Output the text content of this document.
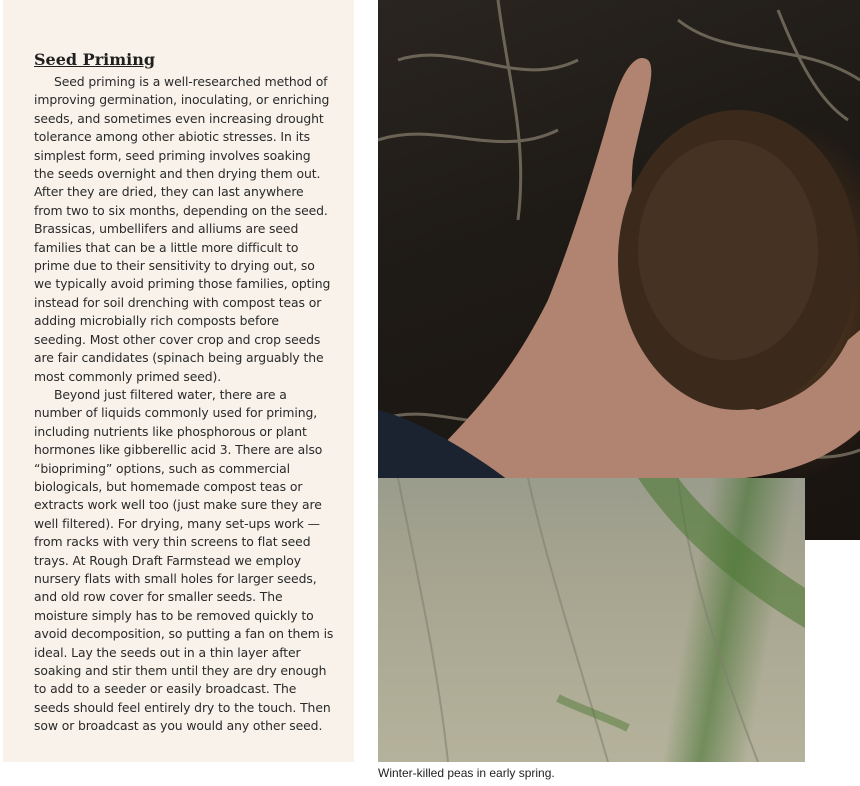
Seed Priming

Seed priming is a well-researched method of improving germination, inoculating, or enriching seeds, and sometimes even increasing drought tolerance among other abiotic stresses. In its simplest form, seed priming involves soaking the seeds overnight and then drying them out. After they are dried, they can last anywhere from two to six months, depending on the seed. Brassicas, umbellifers and alliums are seed families that can be a little more difficult to prime due to their sensitivity to drying out, so we typically avoid priming those families, opting instead for soil drenching with compost teas or adding microbially rich composts before seeding. Most other cover crop and crop seeds are fair candidates (spinach being arguably the most commonly primed seed).

Beyond just filtered water, there are a number of liquids commonly used for priming, including nutrients like phosphorous or plant hormones like gibberellic acid 3. There are also “biopriming” options, such as commercial biologicals, but homemade compost teas or extracts work well too (just make sure they are well filtered). For drying, many set-ups work — from racks with very thin screens to flat seed trays. At Rough Draft Farmstead we employ nursery flats with small holes for larger seeds, and old row cover for smaller seeds. The moisture simply has to be removed quickly to avoid decomposition, so putting a fan on them is ideal. Lay the seeds out in a thin layer after soaking and stir them until they are dry enough to add to a seeder or easily broadcast. The seeds should feel entirely dry to the touch. Then sow or broadcast as you would any other seed.

Winter-killed peas in early spring.
